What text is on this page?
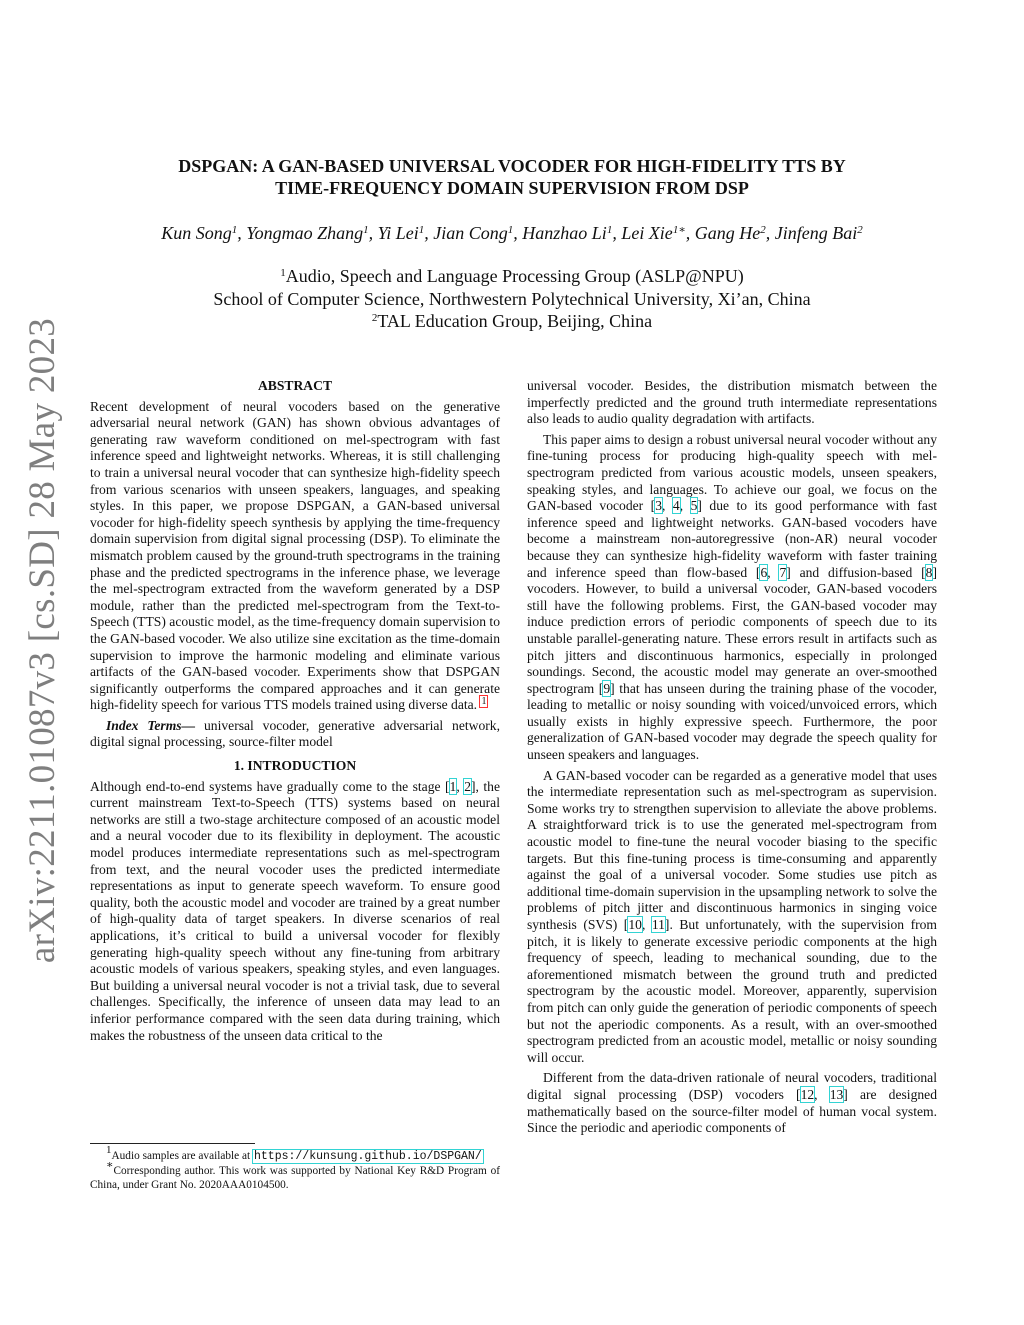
arXiv:2211.01087v3 [cs.SD] 28 May 2023
DSPGAN: A GAN-BASED UNIVERSAL VOCODER FOR HIGH-FIDELITY TTS BY
TIME-FREQUENCY DOMAIN SUPERVISION FROM DSP
Kun Song$^1$, Yongmao Zhang$^1$, Yi Lei$^1$, Jian Cong$^1$, Hanzhao Li$^1$, Lei Xie$^{1∗}$, Gang He$^2$, Jinfeng Bai$^2$
$^1$Audio, Speech and Language Processing Group (ASLP@NPU)
School of Computer Science, Northwestern Polytechnical University, Xi’an, China
$^2$TAL Education Group, Beijing, China
ABSTRACT

Recent development of neural vocoders based on the generative adversarial neural network (GAN) has shown obvious advantages of generating raw waveform conditioned on mel-spectrogram with fast inference speed and lightweight networks. Whereas, it is still challenging to train a universal neural vocoder that can synthesize high-fidelity speech from various scenarios with unseen speakers, languages, and speaking styles. In this paper, we propose DSPGAN, a GAN-based universal vocoder for high-fidelity speech synthesis by applying the time-frequency domain supervision from digital signal processing (DSP). To eliminate the mismatch problem caused by the ground-truth spectrograms in the training phase and the predicted spectrograms in the inference phase, we leverage the mel-spectrogram extracted from the waveform generated by a DSP module, rather than the predicted mel-spectrogram from the Text-to-Speech (TTS) acoustic model, as the time-frequency domain supervision to the GAN-based vocoder. We also utilize sine excitation as the time-domain supervision to improve the harmonic modeling and eliminate various artifacts of the GAN-based vocoder. Experiments show that DSPGAN significantly outperforms the compared approaches and it can generate high-fidelity speech for various TTS models trained using diverse data. $^1$

Index Terms— universal vocoder, generative adversarial network, digital signal processing, source-filter model

1. INTRODUCTION

Although end-to-end systems have gradually come to the stage [1, 2], the current mainstream Text-to-Speech (TTS) systems based on neural networks are still a two-stage architecture composed of an acoustic model and a neural vocoder due to its flexibility in deployment. The acoustic model produces intermediate representations such as mel-spectrogram from text, and the neural vocoder uses the predicted intermediate representations as input to generate speech waveform. To ensure good quality, both the acoustic model and vocoder are trained by a great number of high-quality data of target speakers. In diverse scenarios of real applications, it’s critical to build a universal vocoder for flexibly generating high-quality speech without any fine-tuning from arbitrary acoustic models of various speakers, speaking styles, and even languages. But building a universal neural vocoder is not a trivial task, due to several challenges. Specifically, the inference of unseen data may lead to an inferior performance compared with the seen data during training, which makes the robustness of the unseen data critical to the

$^1$Audio samples are available at https://kunsung.github.io/DSPGAN/

∗Corresponding author. This work was supported by National Key R&D Program of China, under Grant No. 2020AAA0104500.

universal vocoder. Besides, the distribution mismatch between the imperfectly predicted and the ground truth intermediate representations also leads to audio quality degradation with artifacts.

This paper aims to design a robust universal neural vocoder without any fine-tuning process for producing high-quality speech with mel-spectrogram predicted from various acoustic models, unseen speakers, speaking styles, and languages. To achieve our goal, we focus on the GAN-based vocoder [3, 4, 5] due to its good performance with fast inference speed and lightweight networks. GAN-based vocoders have become a mainstream non-autoregressive (non-AR) neural vocoder because they can synthesize high-fidelity waveform with faster training and inference speed than flow-based [6, 7] and diffusion-based [8] vocoders. However, to build a universal vocoder, GAN-based vocoders still have the following problems. First, the GAN-based vocoder may induce prediction errors of periodic components of speech due to its unstable parallel-generating nature. These errors result in artifacts such as pitch jitters and discontinuous harmonics, especially in prolonged soundings. Second, the acoustic model may generate an over-smoothed spectrogram [9] that has unseen during the training phase of the vocoder, leading to metallic or noisy sounding with voiced/unvoiced errors, which usually exists in highly expressive speech. Furthermore, the poor generalization of GAN-based vocoder may degrade the speech quality for unseen speakers and languages.

A GAN-based vocoder can be regarded as a generative model that uses the intermediate representation such as mel-spectrogram as supervision. Some works try to strengthen supervision to alleviate the above problems. A straightforward trick is to use the generated mel-spectrogram from acoustic model to fine-tune the neural vocoder biasing to the specific targets. But this fine-tuning process is time-consuming and apparently against the goal of a universal vocoder. Some studies use pitch as additional time-domain supervision in the upsampling network to solve the problems of pitch jitter and discontinuous harmonics in singing voice synthesis (SVS) [10, 11]. But unfortunately, with the supervision from pitch, it is likely to generate excessive periodic components at the high frequency of speech, leading to mechanical sounding, due to the aforementioned mismatch between the ground truth and predicted spectrogram by the acoustic model. Moreover, apparently, supervision from pitch can only guide the generation of periodic components of speech but not the aperiodic components. As a result, with an over-smoothed spectrogram predicted from an acoustic model, metallic or noisy sounding will occur.

Different from the data-driven rationale of neural vocoders, traditional digital signal processing (DSP) vocoders [12, 13] are designed mathematically based on the source-filter model of human vocal system. Since the periodic and aperiodic components of
